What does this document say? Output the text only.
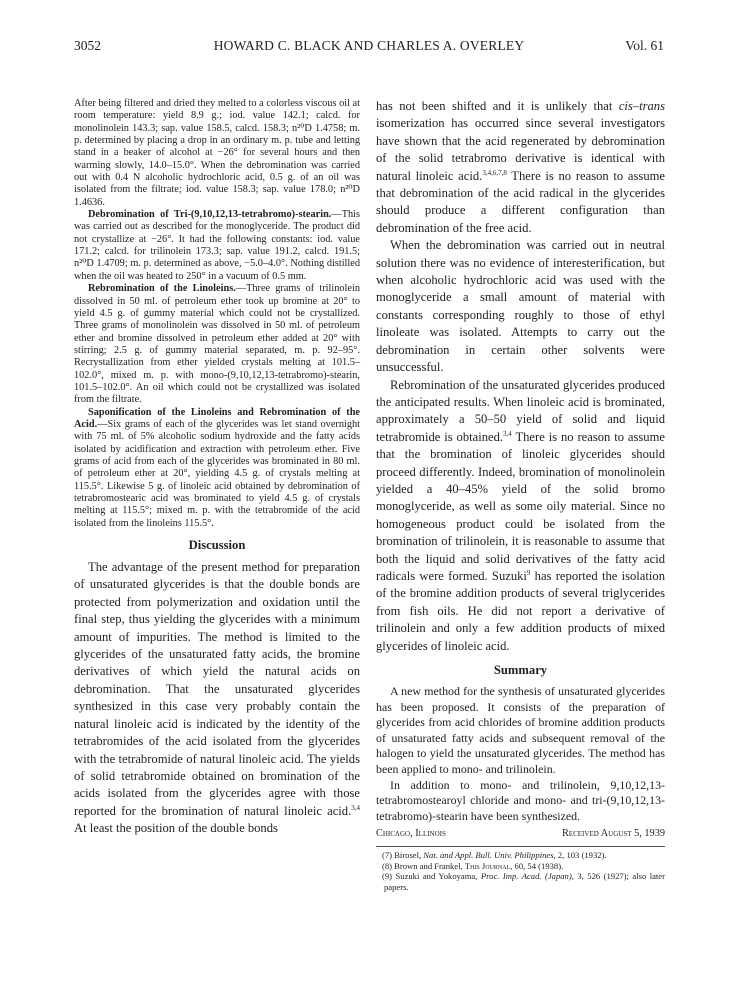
3052	HOWARD C. BLACK AND CHARLES A. OVERLEY	Vol. 61

After being filtered and dried they melted to a colorless viscous oil at room temperature: yield 8.9 g.; iod. value 142.1; calcd. for monolinolein 143.3; sap. value 158.5, calcd. 158.3; n²⁰D 1.4758; m. p. determined by placing a drop in an ordinary m. p. tube and letting stand in a beaker of alcohol at −26° for several hours and then warming slowly, 14.0–15.0°. When the debromination was carried out with 0.4 N alcoholic hydrochloric acid, 0.5 g. of an oil was isolated from the filtrate; iod. value 158.3; sap. value 178.0; n²⁰D 1.4636.

Debromination of Tri-(9,10,12,13-tetrabromo)-stearin.—This was carried out as described for the monoglyceride. The product did not crystallize at −26°. It had the following constants: iod. value 171.2; calcd. for trilinolein 173.3; sap. value 191.2, calcd. 191.5; n²⁰D 1.4709; m. p. determined as above, −5.0–4.0°. Nothing distilled when the oil was heated to 250° in a vacuum of 0.5 mm.

Rebromination of the Linoleins.—Three grams of trilinolein dissolved in 50 ml. of petroleum ether took up bromine at 20° to yield 4.5 g. of gummy material which could not be crystallized. Three grams of monolinolein was dissolved in 50 ml. of petroleum ether and bromine dissolved in petroleum ether added at 20° with stirring; 2.5 g. of gummy material separated, m. p. 92–95°. Recrystallization from ether yielded crystals melting at 101.5–102.0°, mixed m. p. with mono-(9,10,12,13-tetrabromo)-stearin, 101.5–102.0°. An oil which could not be crystallized was isolated from the filtrate.

Saponification of the Linoleins and Rebromination of the Acid.—Six grams of each of the glycerides was let stand overnight with 75 ml. of 5% alcoholic sodium hydroxide and the fatty acids isolated by acidification and extraction with petroleum ether. Five grams of acid from each of the glycerides was brominated in 80 ml. of petroleum ether at 20°, yielding 4.5 g. of crystals melting at 115.5°. Likewise 5 g. of linoleic acid obtained by debromination of tetrabromostearic acid was brominated to yield 4.5 g. of crystals melting at 115.5°; mixed m. p. with the tetrabromide of the acid isolated from the linoleins 115.5°.

Discussion

The advantage of the present method for preparation of unsaturated glycerides is that the double bonds are protected from polymerization and oxidation until the final step, thus yielding the glycerides with a minimum amount of impurities. The method is limited to the glycerides of the unsaturated fatty acids, the bromine derivatives of which yield the natural acids on debromination. That the unsaturated glycerides synthesized in this case very probably contain the natural linoleic acid is indicated by the identity of the tetrabromides of the acid isolated from the glycerides with the tetrabromide of natural linoleic acid. The yields of solid tetrabromide obtained on bromination of the acids isolated from the glycerides agree with those reported for the bromination of natural linoleic acid.$^{3,4}$ At least the position of the double bonds

has not been shifted and it is unlikely that cis–trans isomerization has occurred since several investigators have shown that the acid regenerated by debromination of the solid tetrabromo derivative is identical with natural linoleic acid.$^{3,4,6,7,8}$ There is no reason to assume that debromination of the acid radical in the glycerides should produce a different configuration than debromination of the free acid.

When the debromination was carried out in neutral solution there was no evidence of interesterification, but when alcoholic hydrochloric acid was used with the monoglyceride a small amount of material with constants corresponding roughly to those of ethyl linoleate was isolated. Attempts to carry out the debromination in certain other solvents were unsuccessful.

Rebromination of the unsaturated glycerides produced the anticipated results. When linoleic acid is brominated, approximately a 50–50 yield of solid and liquid tetrabromide is obtained.$^{3,4}$ There is no reason to assume that the bromination of linoleic glycerides should proceed differently. Indeed, bromination of monolinolein yielded a 40–45% yield of the solid bromo monoglyceride, as well as some oily material. Since no homogeneous product could be isolated from the bromination of trilinolein, it is reasonable to assume that both the liquid and solid derivatives of the fatty acid radicals were formed. Suzuki$^9$ has reported the isolation of the bromine addition products of several triglycerides from fish oils. He did not report a derivative of trilinolein and only a few addition products of mixed glycerides of linoleic acid.

Summary

A new method for the synthesis of unsaturated glycerides has been proposed. It consists of the preparation of glycerides from acid chlorides of bromine addition products of unsaturated fatty acids and subsequent removal of the halogen to yield the unsaturated glycerides. The method has been applied to mono- and trilinolein.

In addition to mono- and trilinolein, 9,10,12,13-tetrabromostearoyl chloride and mono- and tri-(9,10,12,13-tetrabromo)-stearin have been synthesized.

Chicago, Illinois	Received August 5, 1939

(7) Birosel, Nat. and Appl. Bull. Univ. Philippines, 2, 103 (1932).

(8) Brown and Frankel, This Journal, 60, 54 (1938).

(9) Suzuki and Yokoyama, Proc. Imp. Acad. (Japan), 3, 526 (1927); also later papers.
